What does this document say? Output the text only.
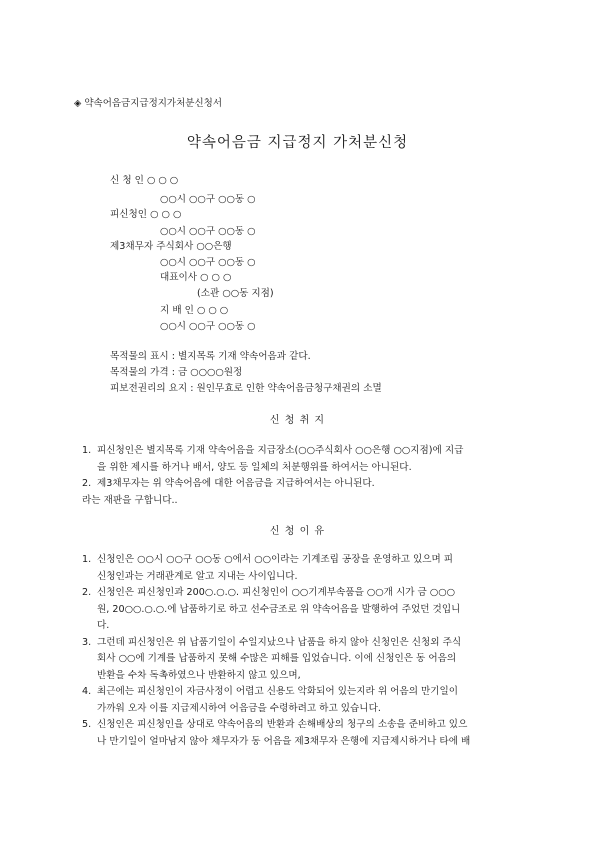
◈ 약속어음금지급정지가처분신청서
약속어음금 지급정지 가처분신청
신 청 인 ○ ○ ○
○○시 ○○구 ○○동 ○
피신청인 ○ ○ ○
○○시 ○○구 ○○동 ○
제3채무자 주식회사 ○○은행
○○시 ○○구 ○○동 ○
대표이사 ○ ○ ○
(소관 ○○동 지점)
지 배 인 ○ ○ ○
○○시 ○○구 ○○동 ○
목적물의 표시 : 별지목록 기재 약속어음과 같다.
목적물의 가격 : 금 ○○○○원정
피보전권리의 요지 : 원인무효로 인한 약속어음금청구채권의 소멸
신 청 취 지
1. 피신청인은 별지목록 기재 약속어음을 지급장소(○○주식회사 ○○은행 ○○지점)에 지급
을 위한 제시를 하거나 배서, 양도 등 일체의 처분행위를 하여서는 아니된다.
2. 제3채무자는 위 약속어음에 대한 어음금을 지급하여서는 아니된다.
라는 재판을 구합니다..
신 청 이 유
1. 신청인은 ○○시 ○○구 ○○동 ○에서 ○○이라는 기계조립 공장을 운영하고 있으며 피
신청인과는 거래관계로 알고 지내는 사이입니다.
2. 신청인은 피신청인과 200○.○.○. 피신청인이 ○○기계부속품을 ○○개 시가 금 ○○○
원, 20○○.○.○.에 납품하기로 하고 선수금조로 위 약속어음을 발행하여 주었던 것입니
다.
3. 그런데 피신청인은 위 납품기일이 수일지났으나 납품을 하지 않아 신청인은 신청외 주식
회사 ○○에 기계를 납품하지 못해 수많은 피해를 입었습니다. 이에 신청인은 동 어음의
반환을 수차 독촉하였으나 반환하지 않고 있으며,
4. 최근에는 피신청인이 자금사정이 어렵고 신용도 악화되어 있는지라 위 어음의 만기일이
가까워 오자 이를 지급제시하여 어음금을 수령하려고 하고 있습니다.
5. 신청인은 피신청인을 상대로 약속어음의 반환과 손해배상의 청구의 소송을 준비하고 있으
나 만기일이 얼마남지 않아 채무자가 동 어음을 제3채무자 은행에 지급제시하거나 타에 배
